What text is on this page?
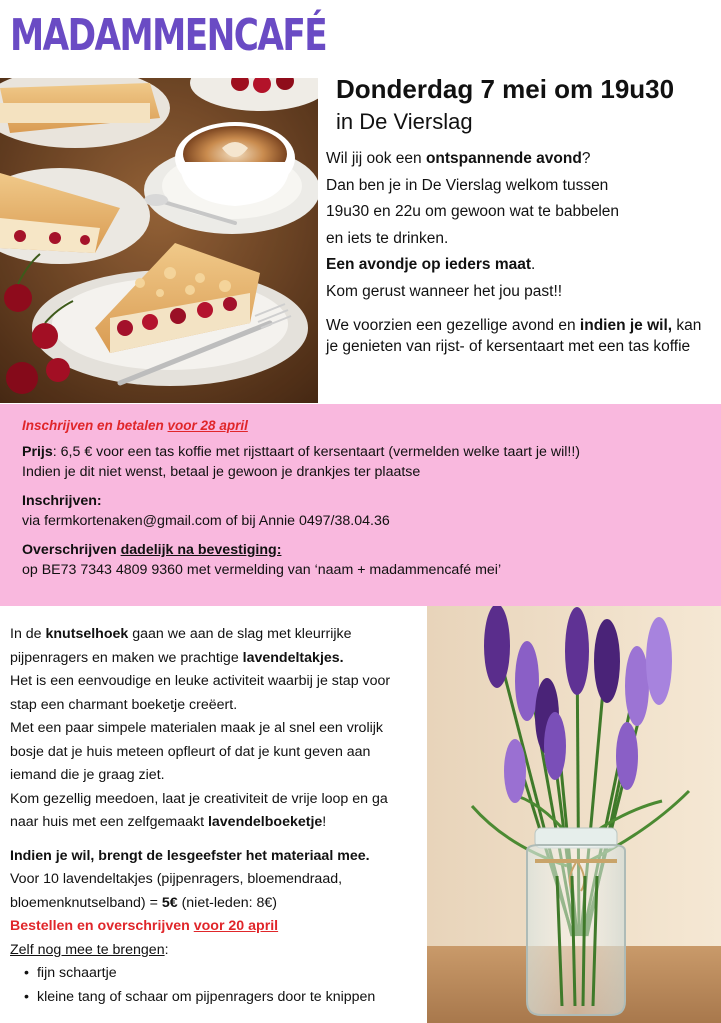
MADAMMENCAFÉ
Donderdag 7 mei om 19u30
in De Vierslag

Wil jij ook een ontspannende avond?

Dan ben je in De Vierslag welkom tussen

19u30 en 22u om gewoon wat te babbelen

en iets te drinken.

Een avondje op ieders maat.

Kom gerust wanneer het jou past!!

We voorzien een gezellige avond en indien je wil, kan je genieten van rijst- of kersentaart met een tas koffie

Inschrijven en betalen voor 28 april
Prijs: 6,5 € voor een tas koffie met rijsttaart of kersentaart (vermelden welke taart je wil!!)
Indien je dit niet wenst, betaal je gewoon je drankjes ter plaatse
Inschrijven:
via fermkortenaken@gmail.com of bij Annie 0497/38.04.36
Overschrijven dadelijk na bevestiging:
op BE73 7343 4809 9360 met vermelding van ‘naam + madammencafé mei’

In de knutselhoek gaan we aan de slag met kleurrijke pijpenragers en maken we prachtige lavendeltakjes.

Het is een eenvoudige en leuke activiteit waarbij je stap voor stap een charmant boeketje creëert.

Met een paar simpele materialen maak je al snel een vrolijk bosje dat je huis meteen opfleurt of dat je kunt geven aan iemand die je graag ziet.

Kom gezellig meedoen, laat je creativiteit de vrije loop en ga naar huis met een zelfgemaakt lavendelboeketje!

Indien je wil, brengt de lesgeefster het materiaal mee.

Voor 10 lavendeltakjes (pijpenragers, bloemendraad, bloemenknutselband) = 5€ (niet-leden: 8€)

Bestellen en overschrijven voor 20 april

Zelf nog mee te brengen:

• fijn schaartje
• kleine tang of schaar om pijpenragers door te knippen
